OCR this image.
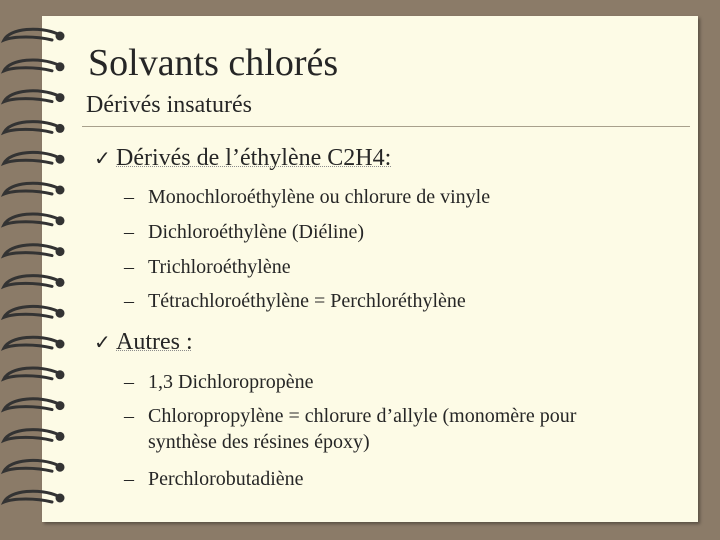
Solvants chlorés
Dérivés insaturés
✓ Dérivés de l’éthylène C2H4:
– Monochloroéthylène ou chlorure de vinyle
– Dichloroéthylène (Diéline)
– Trichloroéthylène
– Tétrachloroéthylène = Perchloréthylène
✓ Autres :
– 1,3 Dichloropropène
– Chloropropylène = chlorure d’allyle (monomère pour
synthèse des résines époxy)
– Perchlorobutadiène
